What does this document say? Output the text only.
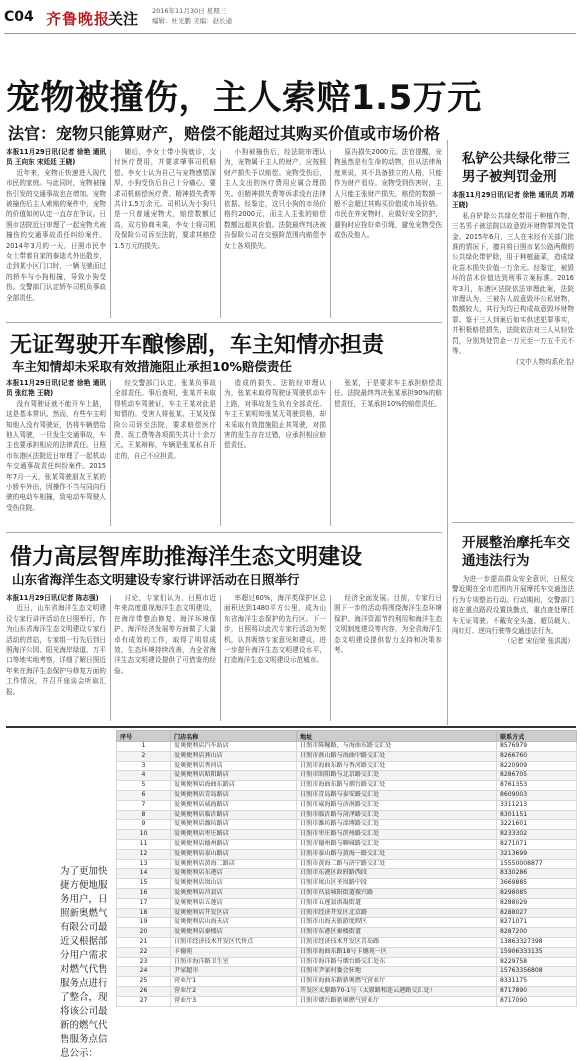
C04 齐鲁晚报
关注 2016年11月30日 星期三
编辑：杜光鹏 美编：赵长通
宠物被撞伤，主人索赔1.5万元
法官：宠物只能算财产，赔偿不能超过其购买价值或市场价格

本报11月29日讯(记者 徐艳 通讯员 王向东 宋廷廷 王晓)

近年来，宠物正快速进入现代市民的家庭。与此同时，宠物被撞伤引发的交通事故也在增加。宠物被撞伤后主人索赔的案件中，宠物的价值如何认定一直存在争议。日照市法院近日审理了一起宠物犬被撞伤的交通事故责任纠纷案件。2014年3月的一天，日照市民李女士带着自家的泰迪犬外出散步，走到某小区门口时，一辆飞驰而过的轿车与小狗相撞，导致小狗受伤。交警部门认定轿车司机负事故全部责任。

随后，李女士带小狗就诊，支付医疗费用，并要求肇事司机赔偿。李女士认为自己与宠物感情深厚，小狗受伤后自己十分痛心，要求司机赔偿医疗费、精神损失费等共计1.5万余元。司机认为小狗只是一只普通宠物犬，赔偿数额过高，双方协商未果，李女士将司机及保险公司诉至法院，要求其赔偿1.5万元的损失。

小狗被撞伤后，经法院审理认为，宠物属于主人的财产，应按照财产损失予以赔偿。宠物受伤后，主人支出的医疗费用应属合理损失。但精神损失费等诉求没有法律依据。经鉴定，这只小狗的市场价格约2000元，而主人主张的赔偿数额远超其价值。法院最终判决被告保险公司在交强险范围内赔偿李女士各项损失。

原告损失2000元。法官提醒，宠物虽然是有生命的动物，但从法律角度来说，其不具备独立的人格，只能作为财产看待。宠物受到伤害时，主人只能主张财产损失，赔偿的数额一般不会超过其购买价值或市场价格。市民在养宠物时，应做好安全防护，遛狗时应拴好牵引绳，避免宠物受伤或伤及他人。

无证驾驶开车酿惨剧，车主知情亦担责
车主知情却未采取有效措施阻止承担10%赔偿责任

本报11月29日讯(记者 徐艳 通讯员 张红艳 王晓)

没有驾驶证就不能开车上路，这是基本常识。然而，有些车主明知他人没有驾驶证，仍将车辆借给他人驾驶，一旦发生交通事故，车主也要承担相应的法律责任。日照市东港区法院近日审理了一起机动车交通事故责任纠纷案件。2015年7月一天，张某驾驶朋友王某的小轿车外出，因操作不当与同向行驶的电动车相撞，致电动车驾驶人受伤住院。

经交警部门认定，张某负事故全部责任。事后查明，张某并未取得机动车驾驶证，车主王某对此是知情的。受害人将张某、王某及保险公司诉至法院，要求赔偿医疗费、误工费等各项损失共计十余万元。王某辩称，车辆是张某私自开走的，自己不应担责。

造成的损失。法院经审理认为，张某未取得驾驶证驾驶机动车上路，对事故发生负有全部责任。车主王某明知张某无驾驶资格，却未采取有效措施阻止其驾驶，对损害的发生存在过错，应承担相应赔偿责任。

张某，于是要求车主承担赔偿责任。法院最终判决张某承担90%的赔偿责任，王某承担10%的赔偿责任。

借力高层智库助推海洋生态文明建设
山东省海洋生态文明建设专家行讲评活动在日照举行

本报11月29日讯(记者 陈志强)

近日，山东省海洋生态文明建设专家行讲评活动在日照举行。作为山东省海洋生态文明建设专家行活动的首站，专家组一行先后到日照海洋公园、阳光海岸绿道、万平口等地实地考察，详细了解日照近年来在海洋生态保护与修复方面的工作情况，并召开座谈会听取汇报。

讨论，专家们认为，日照市近年来高度重视海洋生态文明建设，在海岸带整治修复、海洋环境保护、海洋经济发展等方面做了大量卓有成效的工作，取得了明显成效，生态环境持续改善，为全省海洋生态文明建设提供了可借鉴的经验。

率超过60%，海洋类保护区总面积达到1480平方公里，成为山东省海洋生态保护的先行区。下一步，日照将以此次专家行活动为契机，认真吸纳专家意见和建议，进一步提升海洋生态文明建设水平，打造海洋生态文明建设示范城市。

经济全面发展。目前，专家行日照下一步的活动将围绕海洋生态环境保护、海洋资源节约利用和海洋生态文明制度建设等内容，为全省海洋生态文明建设提供智力支持和决策参考。

私铲公共绿化带三男子被判罚金刑

本报11月29日讯(记者 徐艳 通讯员 苏靖 王晓)

私自铲除公共绿化带用于种植作物，三名男子被法院以故意毁坏财物罪判处罚金。2015年6月，三人在未经有关部门批准的情况下，擅自将日照市某公路两侧的公共绿化带铲除，用于种植蔬菜，造成绿化苗木损失价值一万余元。经鉴定，被毁坏的苗木价值达到刑事立案标准。2016年3月，东港区法院依法审理此案，法院审理认为，三被告人故意毁坏公私财物，数额较大，其行为均已构成故意毁坏财物罪。鉴于三人到案后如实供述犯罪事实，并积极赔偿损失，法院依法对三人从轻处罚，分别判处罚金一万元至一万五千元不等。

(文中人物均系化名)

开展整治摩托车交通违法行为

为进一步提高群众安全意识，日照交警近期在全市范围内开展摩托车交通违法行为专项整治行动。行动期间，交警部门将在重点路段设置执勤点，重点查处摩托车无证驾驶、不戴安全头盔、超员载人、闯红灯、逆向行驶等交通违法行为。

（记者 宋佰荣 张洪源）

为了更加快捷方便地服务用户，日照新奥燃气有限公司最近又根据部分用户需求对燃气代售服务点进行了整合，现将该公司最新的燃气代售服务点信息公示：
序号	门店名称	地址	联系方式
1	爱奥便利店汽车站店	日照市陈疃路，与海曲东路交汇处	8576979
2	爱奥便利店燕山店	日照市燕山路与海曲中路交汇处	8266760
3	爱奥便利店香河店	日照市海曲东路与香河路交汇处	8220909
4	爱奥便利店昭阳路店	日照市昭阳路与北京路交汇处	8286705
5	爱奥便利店海曲东路店	日照市海曲东路与烟台路交汇处	8761353
6	爱奥便利店青岛路店	日照市青岛路与泰安路交汇处	8609003
7	爱奥便利店威海路店	日照市威海路与济南路交汇处	3311213
8	爱奥便利店临沂路店	日照市临沂路与菏泽路交汇处	8301151
9	爱奥便利店潍坊路店	日照市潍坊路与淄博路交汇处	3221601
10	爱奥便利店枣庄路店	日照市枣庄路与滨州路交汇处	8233302
11	爱奥便利店德州路店	日照市德州路与聊城路交汇处	8271071
12	爱奥便利店泰山路店	日照市泰山路与黄海一路交汇处	3213699
13	爱奥便利店黄海二路店	日照市黄海二路与济宁路交汇处	15550008877
14	爱奥便利店东港店	日照市东港区政府路西段	8330286
15	爱奥便利店岚山店	日照市岚山区圣岚路中段	3669885
16	爱奥便利店莒县店	日照市莒县城阳街道振兴路	8298085
17	爱奥便利店五莲店	日照市五莲县洪凝街道	8288029
18	爱奥便利店开发区店	日照市经济开发区北京路	8288027
19	爱奥便利店山海天店	日照市山海天旅游度假区	8271071
20	爱奥便利店秦楼店	日照市东港区秦楼街道	8287200
21	日照市经济技术开发区代售点	日照市经济技术开发区青岛路	13863327398
22	卡德苑	日照市海曲东路18号卡德苑一区	15906333135
23	日照市海洋路卫生室	日照市海洋路与烟台路交汇处东	8229758
24	尹家超市	日照市尹家村委会驻地	15763356808
25	营业厅1	日照市海曲东路新奥燃气营业厅	8331175
26	营业厅2	开发区太原路70-1号（太原路和连云港路交汇处）	8717890
27	营业厅3	日照市烟台路新奥燃气营业厅	8717090
